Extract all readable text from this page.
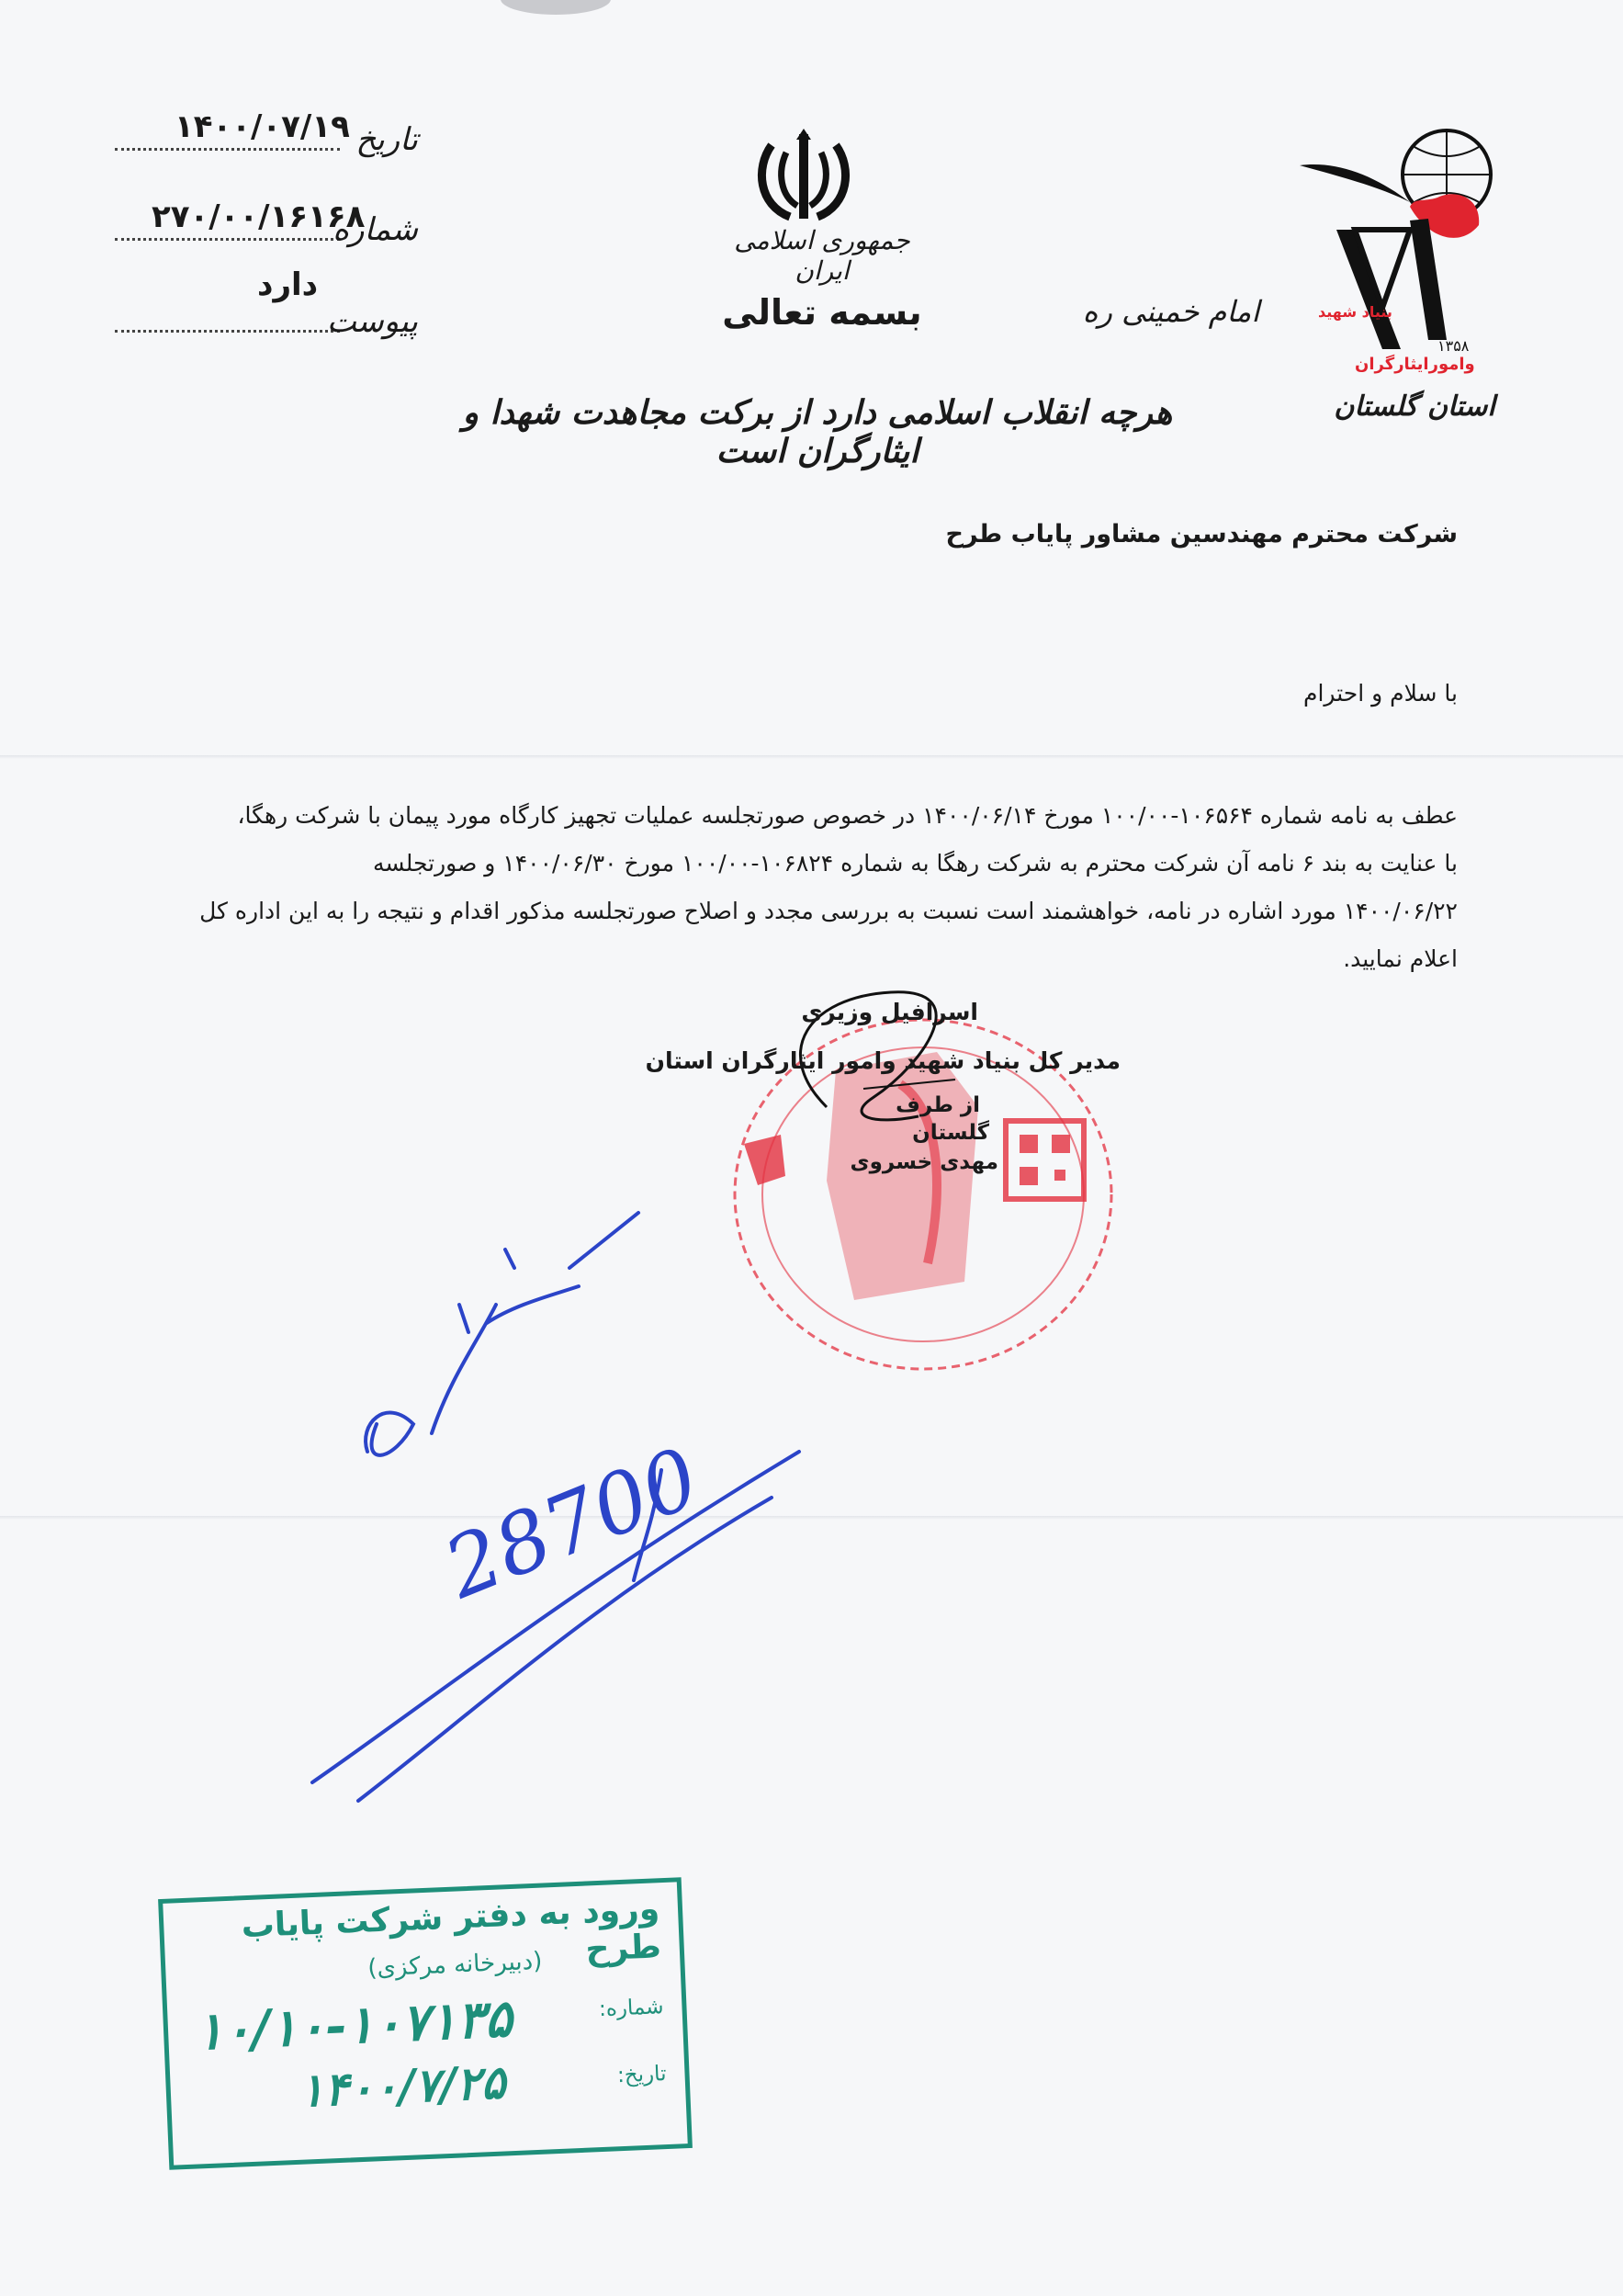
تاریخ
۱۴۰۰/۰۷/۱۹
شماره
۲۷۰/۰۰/۱۶۱۶۸
پیوست
دارد
جمهوری اسلامی ایران
بسمه تعالی	امام خمینی ره
هرچه انقلاب اسلامی دارد از برکت مجاهدت شهدا و ایثارگران است
بنیاد شهید
وامورایثارگران
۱۳۵۸
استان گلستان
شرکت محترم مهندسین مشاور پایاب طرح
با سلام و احترام
عطف به نامه شماره ۱۰۶۵۶۴-۱۰۰/۰۰ مورخ ۱۴۰۰/۰۶/۱۴ در خصوص صورتجلسه عملیات تجهیز کارگاه مورد پیمان با شرکت رهگا،
با عنایت به بند ۶ نامه آن شرکت محترم به شرکت رهگا به شماره ۱۰۶۸۲۴-۱۰۰/۰۰ مورخ ۱۴۰۰/۰۶/۳۰ و صورتجلسه
۱۴۰۰/۰۶/۲۲ مورد اشاره در نامه، خواهشمند است نسبت به بررسی مجدد و اصلاح صورتجلسه مذکور اقدام و نتیجه را به این اداره کل
اعلام نمایید.
اسرافیل وزیری
مدیر کل بنیاد شهید وامور ایثارگران استان
از طرف
گلستان
مهدی خسروی
28700
ورود به دفتر شرکت پایاب طرح
(دبیرخانه مرکزی)
شماره:
تاریخ:
۱۰/۱۰-۱۰۷۱۳۵
۱۴۰۰/۷/۲۵
